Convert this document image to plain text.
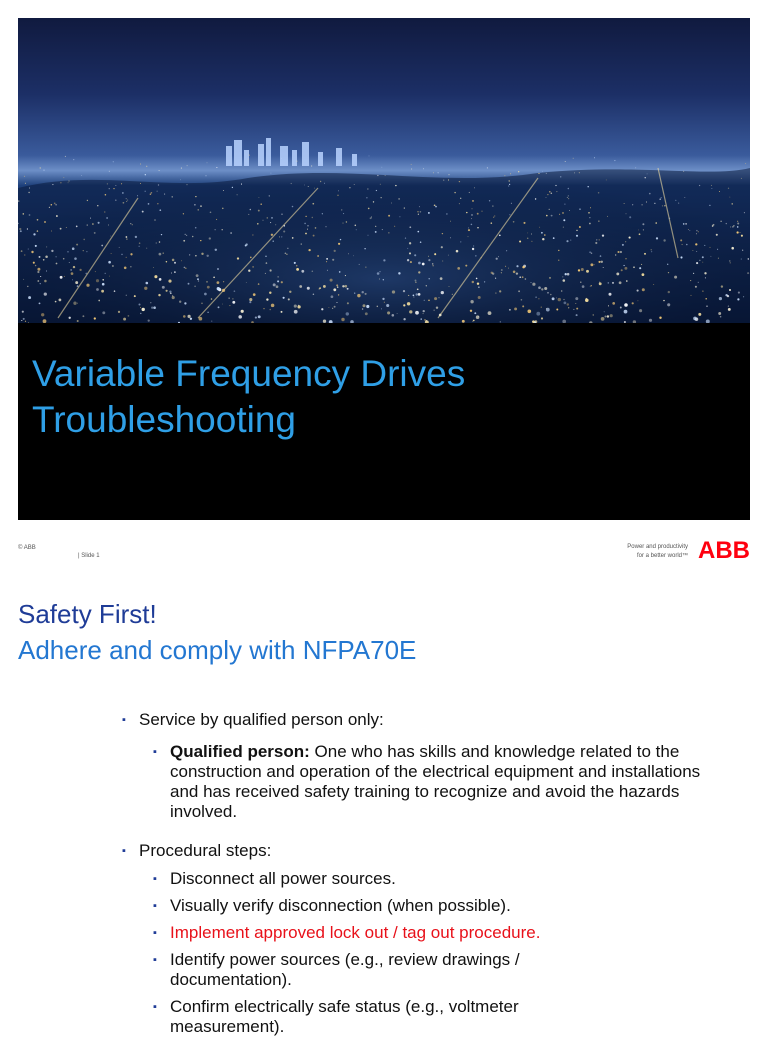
Variable Frequency Drives
Troubleshooting
© ABB
| Slide 1
Power and productivity
for a better world™ ABB
Safety First!
Adhere and comply with NFPA70E
▪ Service by qualified person only:
▪ Qualified person: One who has skills and knowledge related to the construction and operation of the electrical equipment and installations and has received safety training to recognize and avoid the hazards involved.
▪ Procedural steps:
▪ Disconnect all power sources.
▪ Visually verify disconnection (when possible).
▪ Implement approved lock out / tag out procedure.
▪ Identify power sources (e.g., review drawings / documentation).
▪ Confirm electrically safe status (e.g., voltmeter measurement).
